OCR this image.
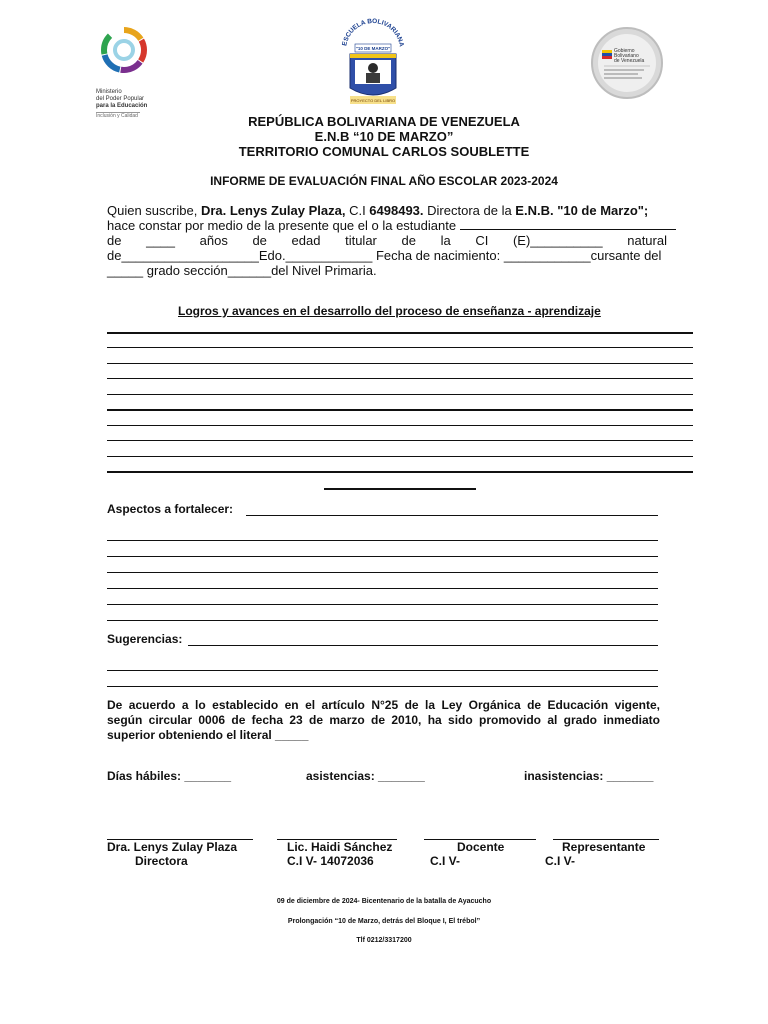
Ministerio
del Poder Popular
para la Educación
Inclusión y Calidad
ESCUELA BOLIVARIANA
"10 DE MARZO"
PROYECTO DEL LIBRO
Gobierno
Bolivariano
de Venezuela
REPÚBLICA BOLIVARIANA DE VENEZUELA
E.N.B “10 DE MARZO”
TERRITORIO COMUNAL CARLOS SOUBLETTE
INFORME DE EVALUACIÓN FINAL AÑO ESCOLAR 2023-2024
Quien suscribe, Dra. Lenys Zulay Plaza, C.I 6498493. Directora de la E.N.B. "10 de Marzo";
hace constar por medio de la presente que el o la estudiante
de ____ años de edad titular de la CI (E)__________ natural
de___________________Edo.____________ Fecha de nacimiento: ____________cursante del
_____ grado sección______del Nivel Primaria.
Logros y avances en el desarrollo del proceso de enseñanza - aprendizaje
Aspectos a fortalecer:
Sugerencias:
De acuerdo a lo establecido en el artículo N°25 de la Ley Orgánica de Educación vigente,
según circular 0006 de fecha 23 de marzo de 2010, ha sido promovido al grado inmediato
superior obteniendo el literal _____
Días hábiles: _______	asistencias: _______	inasistencias: _______
Dra. Lenys Zulay Plaza
Directora
Lic. Haidi Sánchez
C.I V- 14072036
Docente
C.I V-
Representante
C.I V-
09 de diciembre de 2024- Bicentenario de la batalla de Ayacucho
Prolongación “10 de Marzo, detrás del Bloque I, El trébol”
Tlf 0212/3317200
